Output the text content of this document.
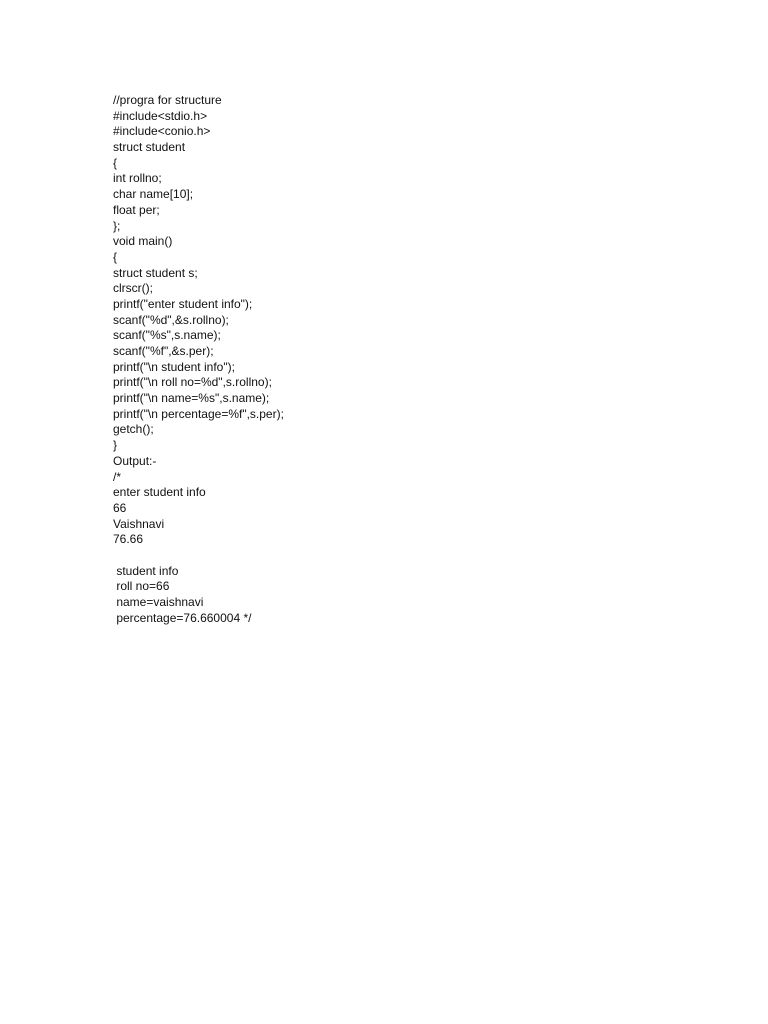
//progra for structure
#include<stdio.h>
#include<conio.h>
struct student
{
int rollno;
char name[10];
float per;
};
void main()
{
struct student s;
clrscr();
printf("enter student info");
scanf("%d",&s.rollno);
scanf("%s",s.name);
scanf("%f",&s.per);
printf("\n student info");
printf("\n roll no=%d",s.rollno);
printf("\n name=%s",s.name);
printf("\n percentage=%f",s.per);
getch();
}
Output:-
/*
enter student info
66
Vaishnavi
76.66
student info
roll no=66
name=vaishnavi
percentage=76.660004 */
